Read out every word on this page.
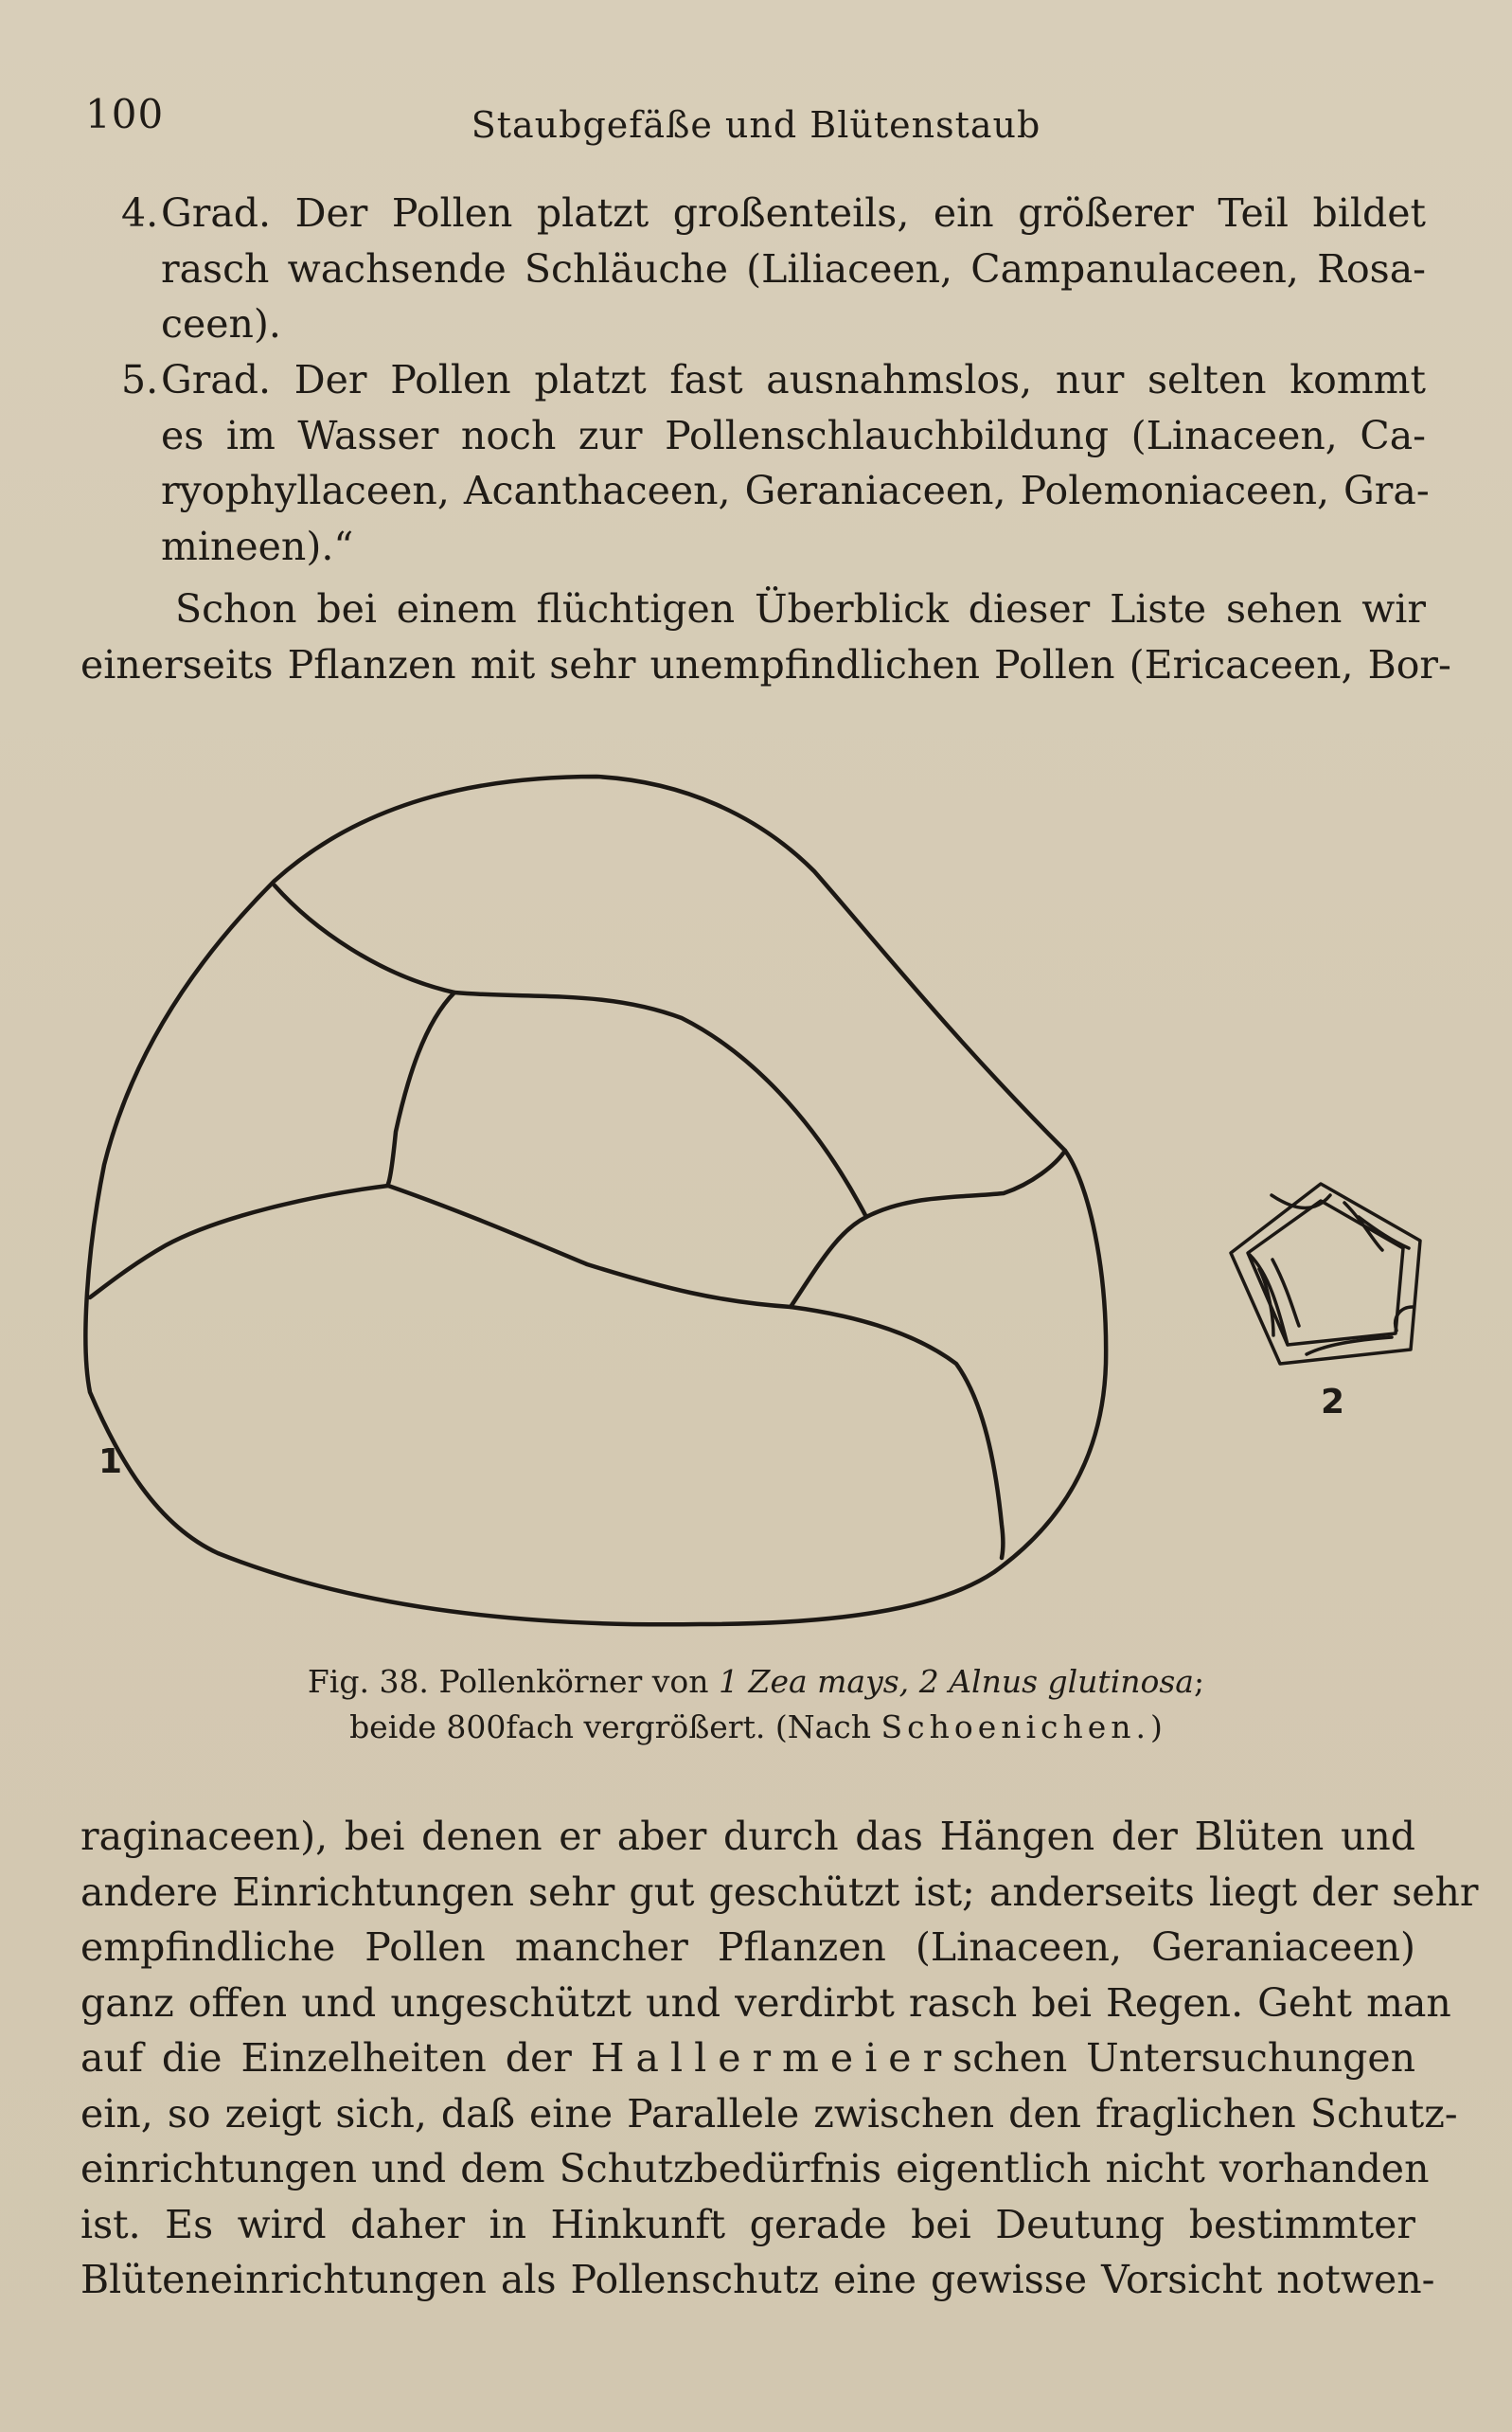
100	Staubgefäße und Blütenstaub
4. Grad. Der Pollen platzt großenteils, ein größerer Teil bildet
rasch wachsende Schläuche (Liliaceen, Campanulaceen, Rosa-
ceen).
5. Grad. Der Pollen platzt fast ausnahmslos, nur selten kommt
es im Wasser noch zur Pollenschlauchbildung (Linaceen, Ca-
ryophyllaceen, Acanthaceen, Geraniaceen, Polemoniaceen, Gra-
mineen).“
Schon bei einem flüchtigen Überblick dieser Liste sehen wir
einerseits Pflanzen mit sehr unempfindlichen Pollen (Ericaceen, Bor-
1
2
Fig. 38. Pollenkörner von 1 Zea mays, 2 Alnus glutinosa;
beide 800fach vergrößert. (Nach Schoenichen.)
raginaceen), bei denen er aber durch das Hängen der Blüten und
andere Einrichtungen sehr gut geschützt ist; anderseits liegt der sehr
empfindliche Pollen mancher Pflanzen (Linaceen, Geraniaceen)
ganz offen und ungeschützt und verdirbt rasch bei Regen. Geht man
auf die Einzelheiten der Hallermeierschen Untersuchungen
ein, so zeigt sich, daß eine Parallele zwischen den fraglichen Schutz-
einrichtungen und dem Schutzbedürfnis eigentlich nicht vorhanden
ist. Es wird daher in Hinkunft gerade bei Deutung bestimmter
Blüteneinrichtungen als Pollenschutz eine gewisse Vorsicht notwen-
